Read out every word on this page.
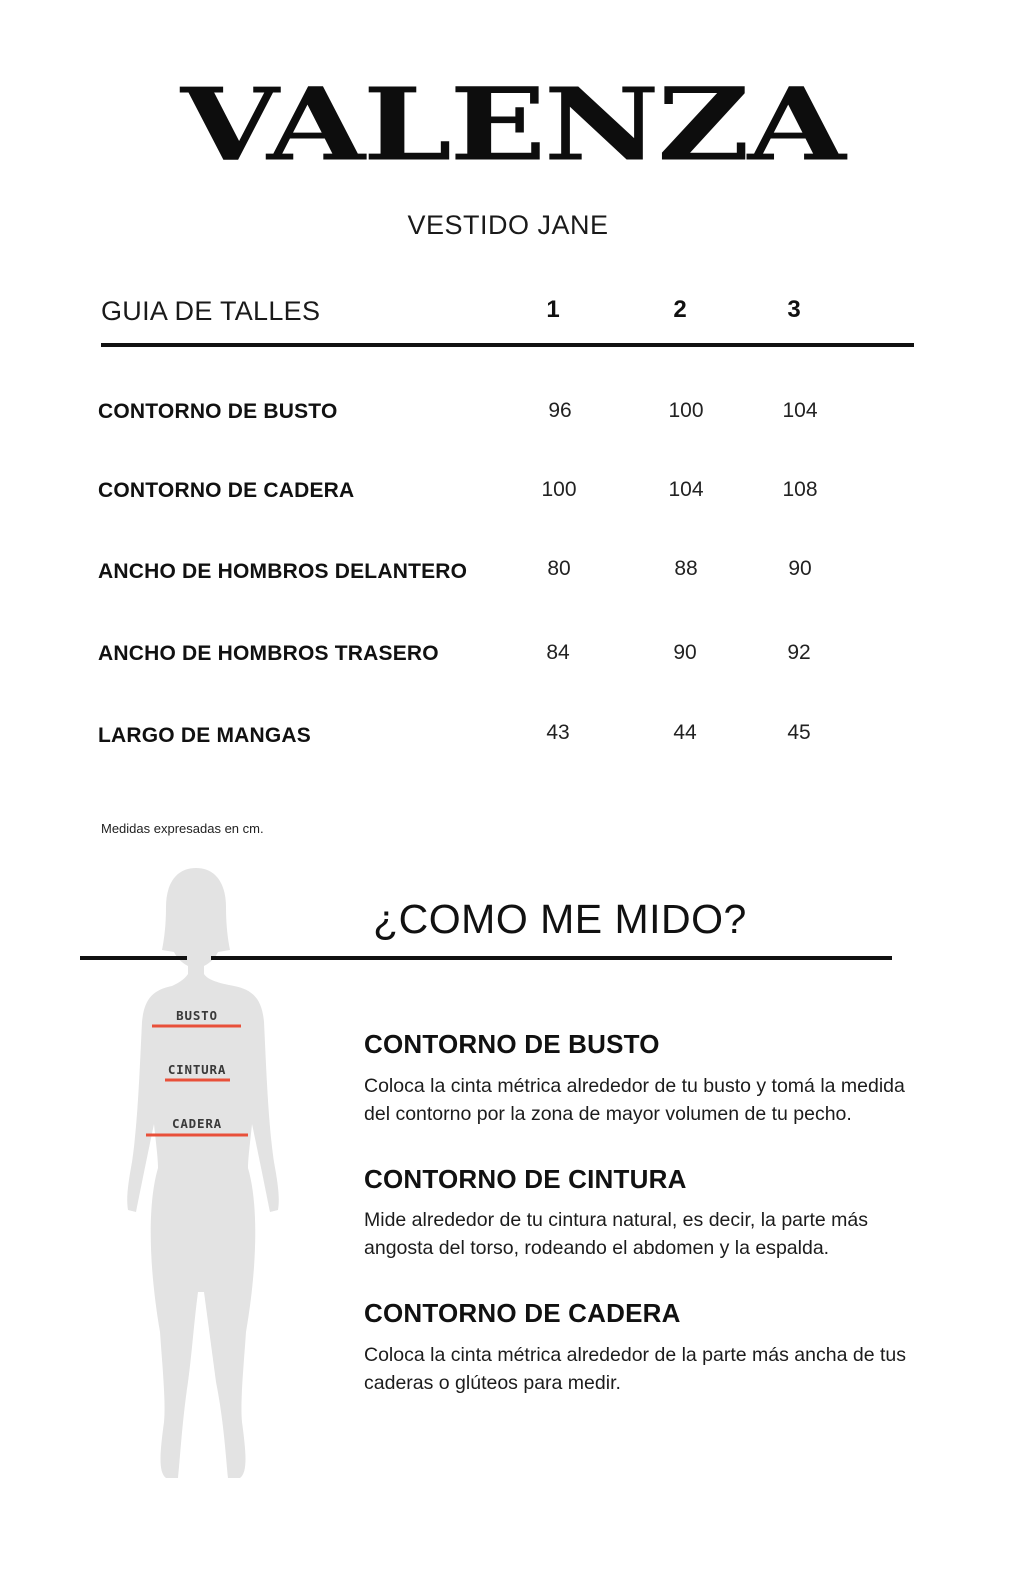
VALENZA
VESTIDO JANE
GUIA DE TALLES	1	2	3
CONTORNO DE BUSTO	96	100	104
CONTORNO DE CADERA	100	104	108
ANCHO DE HOMBROS DELANTERO	80	88	90
ANCHO DE HOMBROS TRASERO	84	90	92
LARGO DE MANGAS	43	44	45
Medidas expresadas en cm.
BUSTO
CINTURA
CADERA
¿COMO ME MIDO?
CONTORNO DE BUSTO
Coloca la cinta métrica alrededor de tu busto y tomá la medida
del contorno por la zona de mayor volumen de tu pecho.
CONTORNO DE CINTURA
Mide alrededor de tu cintura natural, es decir, la parte más
angosta del torso, rodeando el abdomen y la espalda.
CONTORNO DE CADERA
Coloca la cinta métrica alrededor de la parte más ancha de tus
caderas o glúteos para medir.
